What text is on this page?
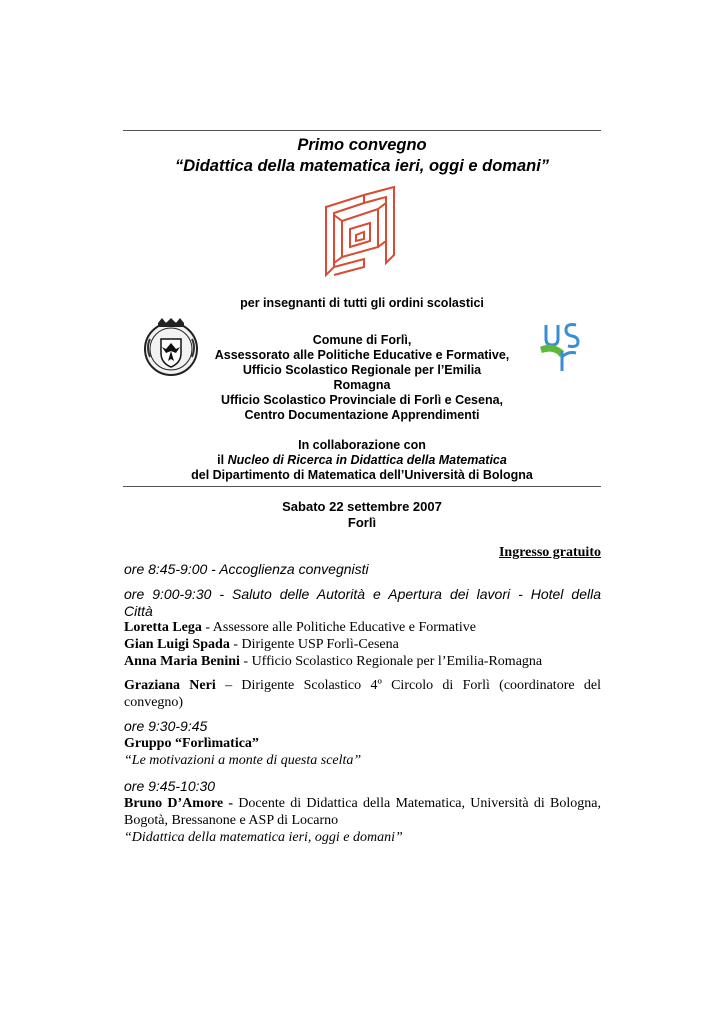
Primo convegno
“Didattica della matematica ieri, oggi e domani”
per insegnanti di tutti gli ordini scolastici
USr
Comune di Forlì,
Assessorato alle Politiche Educative e Formative,
Ufficio Scolastico Regionale per l’Emilia
Romagna
Ufficio Scolastico Provinciale di Forlì e Cesena,
Centro Documentazione Apprendimenti
In collaborazione con
il Nucleo di Ricerca in Didattica della Matematica
del Dipartimento di Matematica dell’Università di Bologna
Sabato 22 settembre 2007
Forlì
Ingresso gratuito
ore 8:45-9:00 - Accoglienza convegnisti
ore 9:00-9:30 - Saluto delle Autorità e Apertura dei lavori - Hotel della
Città
Loretta Lega - Assessore alle Politiche Educative e Formative
Gian Luigi Spada - Dirigente USP Forlì-Cesena
Anna Maria Benini - Ufficio Scolastico Regionale per l’Emilia-Romagna
Graziana Neri – Dirigente Scolastico 4º Circolo di Forlì (coordinatore del convegno)
ore 9:30-9:45
Gruppo “Forlìmatica”
“Le motivazioni a monte di questa scelta”
ore 9:45-10:30
Bruno D’Amore - Docente di Didattica della Matematica, Università di Bologna, Bogotà, Bressanone e ASP di Locarno
“Didattica della matematica ieri, oggi e domani”
